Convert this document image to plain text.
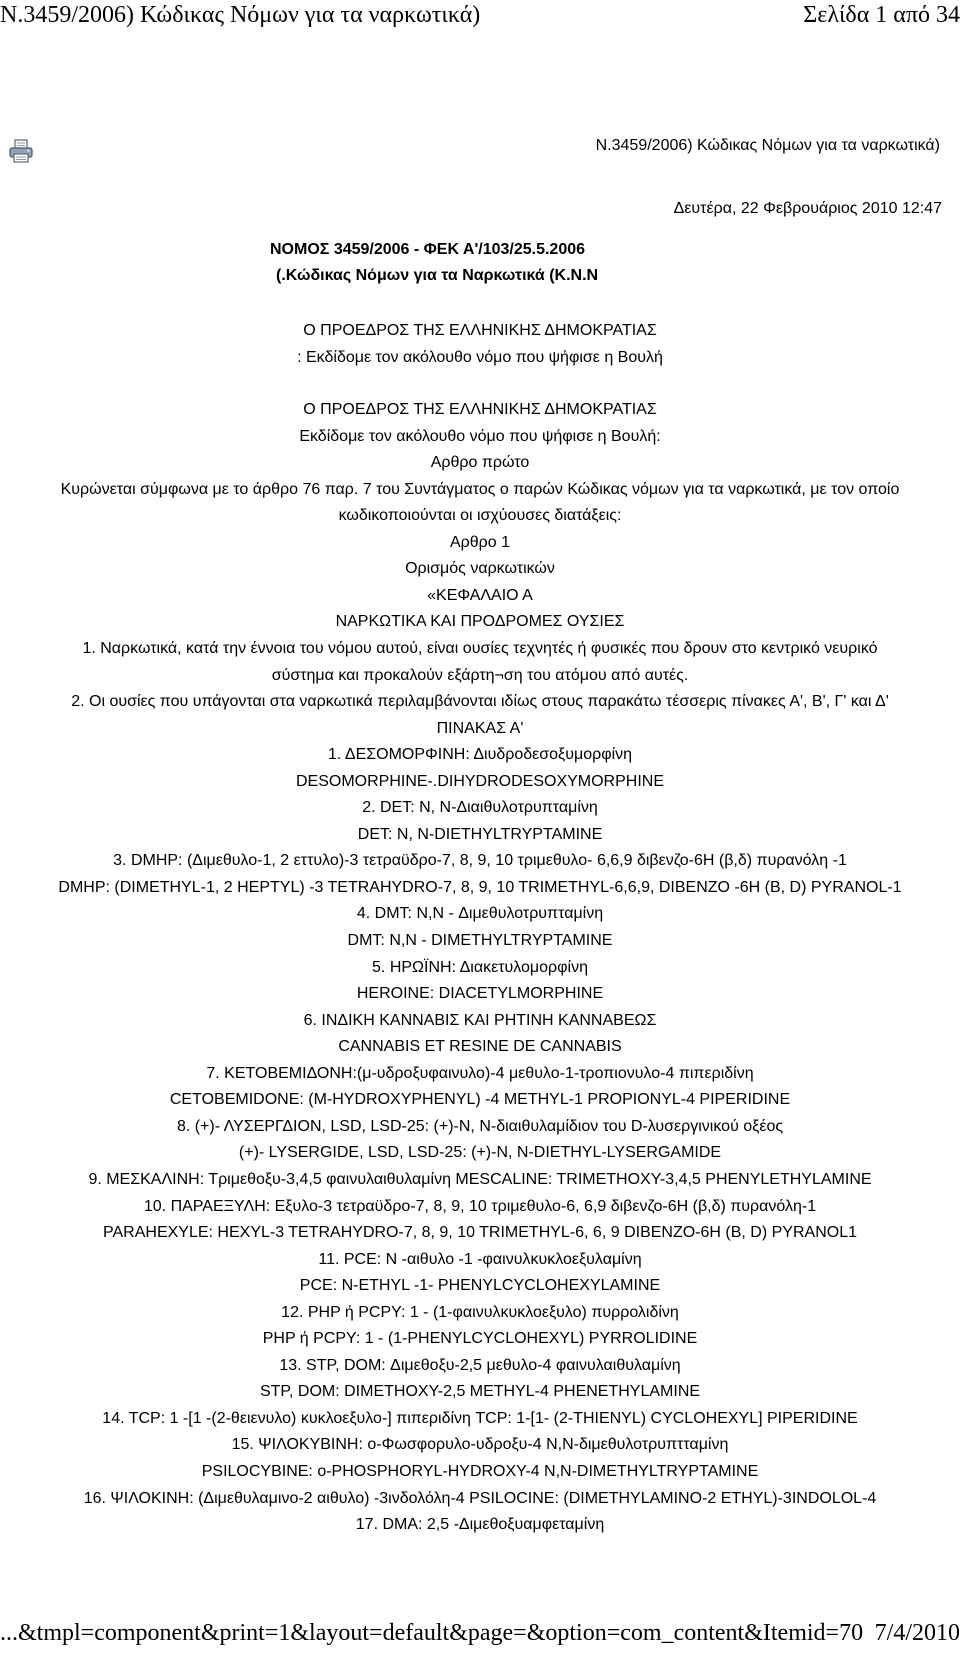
N.3459/2006) Κώδικας Νόμων για τα ναρκωτικά)	Σελίδα 1 από 34
N.3459/2006) Κώδικας Νόμων για τα ναρκωτικά)
Δευτέρα, 22 Φεβρουάριος 2010 12:47
ΝΟΜΟΣ 3459/2006 - ΦΕΚ Α'/103/25.5.2006
(.Κώδικας Νόμων για τα Ναρκωτικά (Κ.Ν.Ν
Ο ΠΡΟΕΔΡΟΣ ΤΗΣ ΕΛΛΗΝΙΚΗΣ ΔΗΜΟΚΡΑΤΙΑΣ
: Εκδίδομε τον ακόλουθο νόμο που ψήφισε η Βουλή
Ο ΠΡΟΕΔΡΟΣ ΤΗΣ ΕΛΛΗΝΙΚΗΣ ΔΗΜΟΚΡΑΤΙΑΣ
Εκδίδομε τον ακόλουθο νόμο που ψήφισε η Βουλή:
Αρθρο πρώτο
Κυρώνεται σύμφωνα με το άρθρο 76 παρ. 7 του Συντάγματος ο παρών Κώδικας νόμων για τα ναρκωτικά, με τον οποίο
κωδικοποιούνται οι ισχύουσες διατάξεις:
Αρθρο 1
Ορισμός ναρκωτικών
«ΚΕΦΑΛΑΙΟ Α
ΝΑΡΚΩΤΙΚΑ ΚΑΙ ΠΡΟΔΡΟΜΕΣ ΟΥΣΙΕΣ
1. Ναρκωτικά, κατά την έννοια του νόμου αυτού, είναι ουσίες τεχνητές ή φυσικές που δρουν στο κεντρικό νευρικό
σύστημα και προκαλούν εξάρτη¬ση του ατόμου από αυτές.
2. Οι ουσίες που υπάγονται στα ναρκωτικά περιλαμβάνονται ιδίως στους παρακάτω τέσσερις πίνακες Α', Β', Γ' και Δ'
ΠΙΝΑΚΑΣ Α'
1. ΔΕΣΟΜΟΡΦΙΝΗ: Διυδροδεσοξυμορφίνη
DESOMORPHINE-.DIHYDRODESOXYMORPHINE
2. DET: N, Ν-Διαιθυλοτρυπταμίνη
DET: N, N-DIETHYLTRYPTAMINE
3. DMHP: (Διμεθυλο-1, 2 εττυλο)-3 τετραϋδρο-7, 8, 9, 10 τριμεθυλο- 6,6,9 διβενζο-6Η (β,δ) πυρανόλη -1
DMHP: (DIMETHYL-1, 2 HEPTYL) -3 TETRAHYDRO-7, 8, 9, 10 TRIMETHYL-6,6,9, DIBENZO -6H (B, D) PYRANOL-1
4. DMT: N,N - Διμεθυλοτρυπταμίνη
DMT: N,N - DIMETHYLTRYPTAMINE
5. ΗΡΩΪΝΗ: Διακετυλομορφίνη
HEROINE: DIACETYLMORPHINE
6. ΙΝΔΙΚΗ ΚΑΝΝΑΒΙΣ ΚΑΙ ΡΗΤΙΝΗ ΚΑΝΝΑΒΕΩΣ
CANNABIS ET RESINE DE CANNABIS
7. ΚΕΤΟΒΕΜΙΔΟΝΗ:(μ-υδροξυφαινυλο)-4 μεθυλο-1-τροπιονυλο-4 πιπεριδίνη
CETOBEMIDONE: (M-HYDROXYPHENYL) -4 METHYL-1 PROPIONYL-4 PIPERIDINE
8. (+)- ΛΥΣΕΡΓΔΙΟΝ, LSD, LSD-25: (+)-N, Ν-διαιθυλαμίδιον του D-λυσεργινικού οξέος
(+)- LYSERGIDE, LSD, LSD-25: (+)-N, N-DIETHYL-LYSERGAMIDE
9. ΜΕΣΚΑΛΙΝΗ: Τριμεθοξυ-3,4,5 φαινυλαιθυλαμίνη MESCALINE: TRIMETHOXY-3,4,5 PHENYLETHYLAMINE
10. ΠΑΡΑΕΞΥΛΗ: Εξυλο-3 τετραϋδρο-7, 8, 9, 10 τριμεθυλο-6, 6,9 διβενζο-6Η (β,δ) πυρανόλη-1
PARAHEXYLE: HEXYL-3 TETRAHYDRO-7, 8, 9, 10 TRIMETHYL-6, 6, 9 DIBENZO-6H (B, D) PYRANOL1
11. PCE: Ν -αιθυλο -1 -φαινυλκυκλοεξυλαμίνη
PCE: N-ETHYL -1- PHENYLCYCLOHEXYLAMINE
12. PHP ή PCPY: 1 - (1-φαινυλκυκλοεξυλο) πυρρολιδίνη
PHP ή PCPY: 1 - (1-PHENYLCYCLOHEXYL) PYRROLIDINE
13. STP, DOM: Διμεθοξυ-2,5 μεθυλο-4 φαινυλαιθυλαμίνη
STP, DOM: DIMETHOXY-2,5 METHYL-4 PHENETHYLAMINE
14. TCP: 1 -[1 -(2-θειενυλο) κυκλοεξυλο-] πιπεριδίνη TCP: 1-[1- (2-THIENYL) CYCLOHEXYL] PIPERIDINE
15. ΨΙΛΟΚΥΒΙΝΗ: ο-Φωσφορυλο-υδροξυ-4 Ν,Ν-διμεθυλοτρυπτταμίνη
PSILOCYBINE: o-PHOSPHORYL-HYDROXY-4 N,N-DIMETHYLTRYPTAMINE
16. ΨΙΛΟΚΙΝΗ: (Διμεθυλαμινο-2 αιθυλο) -3ινδολόλη-4 PSILOCINE: (DIMETHYLAMINO-2 ETHYL)-3INDOLOL-4
17. DMA: 2,5 -Διμεθοξυαμφεταμίνη
...&tmpl=component&print=1&layout=default&page=&option=com_content&Itemid=70 7/4/2010
